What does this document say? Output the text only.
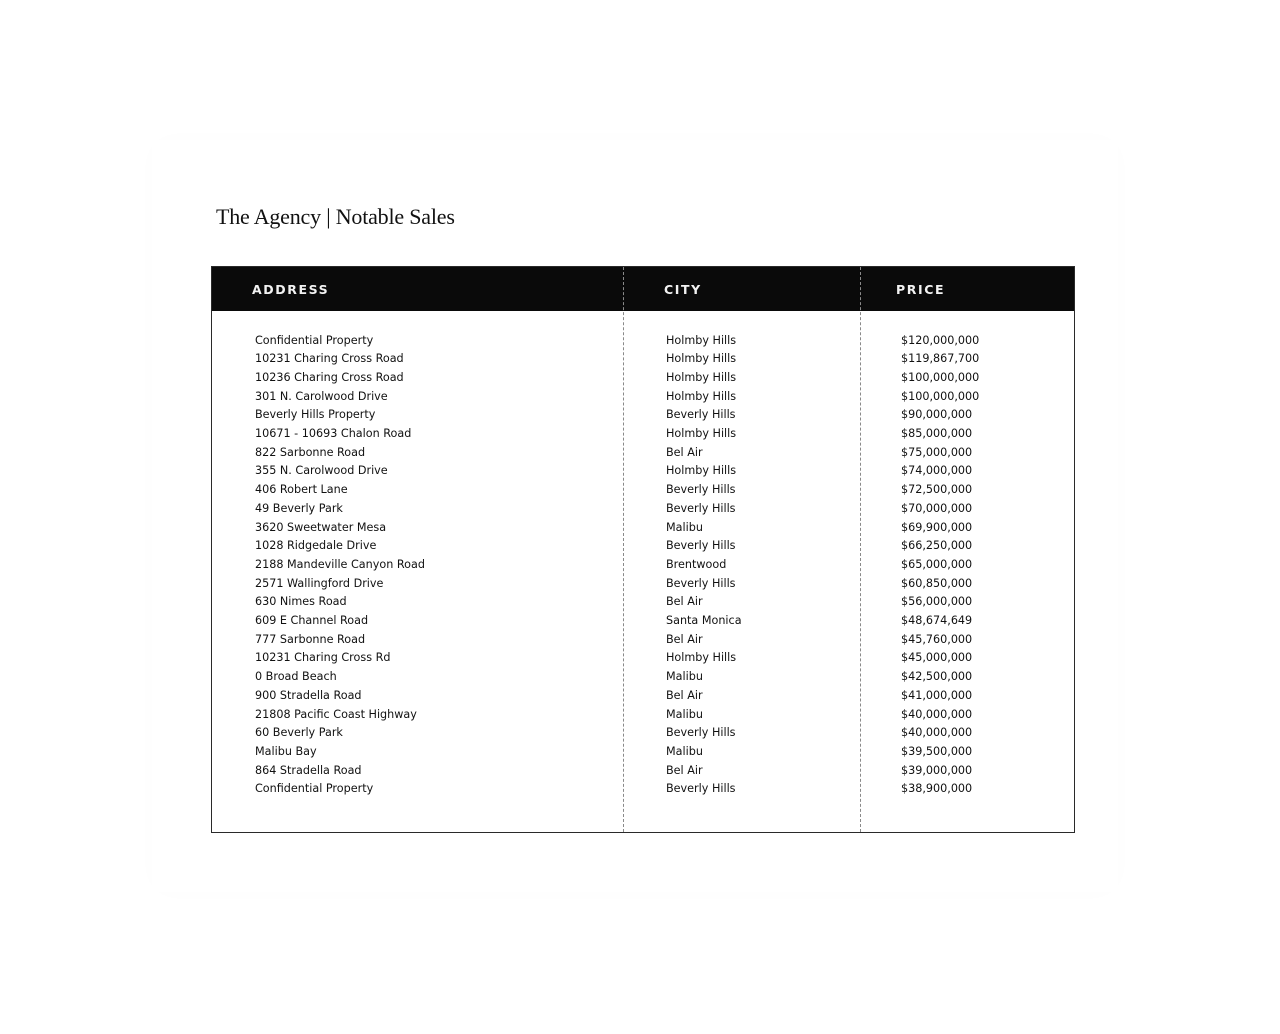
The Agency | Notable Sales
ADDRESS	CITY	PRICE
Confidential Property	Holmby Hills	$120,000,000
10231 Charing Cross Road	Holmby Hills	$119,867,700
10236 Charing Cross Road	Holmby Hills	$100,000,000
301 N. Carolwood Drive	Holmby Hills	$100,000,000
Beverly Hills Property	Beverly Hills	$90,000,000
10671 - 10693 Chalon Road	Holmby Hills	$85,000,000
822 Sarbonne Road	Bel Air	$75,000,000
355 N. Carolwood Drive	Holmby Hills	$74,000,000
406 Robert Lane	Beverly Hills	$72,500,000
49 Beverly Park	Beverly Hills	$70,000,000
3620 Sweetwater Mesa	Malibu	$69,900,000
1028 Ridgedale Drive	Beverly Hills	$66,250,000
2188 Mandeville Canyon Road	Brentwood	$65,000,000
2571 Wallingford Drive	Beverly Hills	$60,850,000
630 Nimes Road	Bel Air	$56,000,000
609 E Channel Road	Santa Monica	$48,674,649
777 Sarbonne Road	Bel Air	$45,760,000
10231 Charing Cross Rd	Holmby Hills	$45,000,000
0 Broad Beach	Malibu	$42,500,000
900 Stradella Road	Bel Air	$41,000,000
21808 Pacific Coast Highway	Malibu	$40,000,000
60 Beverly Park	Beverly Hills	$40,000,000
Malibu Bay	Malibu	$39,500,000
864 Stradella Road	Bel Air	$39,000,000
Confidential Property	Beverly Hills	$38,900,000
